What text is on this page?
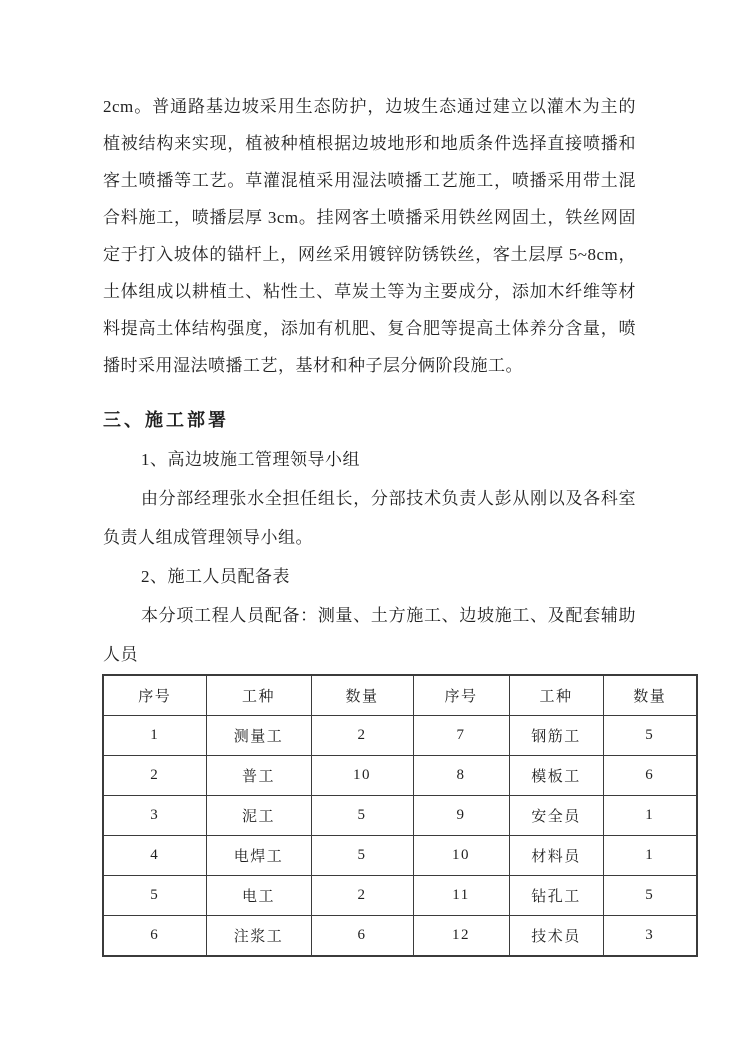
2cm。普通路基边坡采用生态防护，边坡生态通过建立以灌木为主的
植被结构来实现，植被种植根据边坡地形和地质条件选择直接喷播和
客土喷播等工艺。草灌混植采用湿法喷播工艺施工，喷播采用带土混
合料施工，喷播层厚 3cm。挂网客土喷播采用铁丝网固土，铁丝网固
定于打入坡体的锚杆上，网丝采用镀锌防锈铁丝，客土层厚 5~8cm，
土体组成以耕植土、粘性土、草炭土等为主要成分，添加木纤维等材
料提高土体结构强度，添加有机肥、复合肥等提高土体养分含量，喷
播时采用湿法喷播工艺，基材和种子层分俩阶段施工。
三、施工部署
1、高边坡施工管理领导小组
由分部经理张水全担任组长，分部技术负责人彭从刚以及各科室
负责人组成管理领导小组。
2、施工人员配备表
本分项工程人员配备：测量、土方施工、边坡施工、及配套辅助
人员
序号	工种	数量	序号	工种	数量
1	测量工	2	7	钢筋工	5
2	普工	10	8	模板工	6
3	泥工	5	9	安全员	1
4	电焊工	5	10	材料员	1
5	电工	2	11	钻孔工	5
6	注浆工	6	12	技术员	3
